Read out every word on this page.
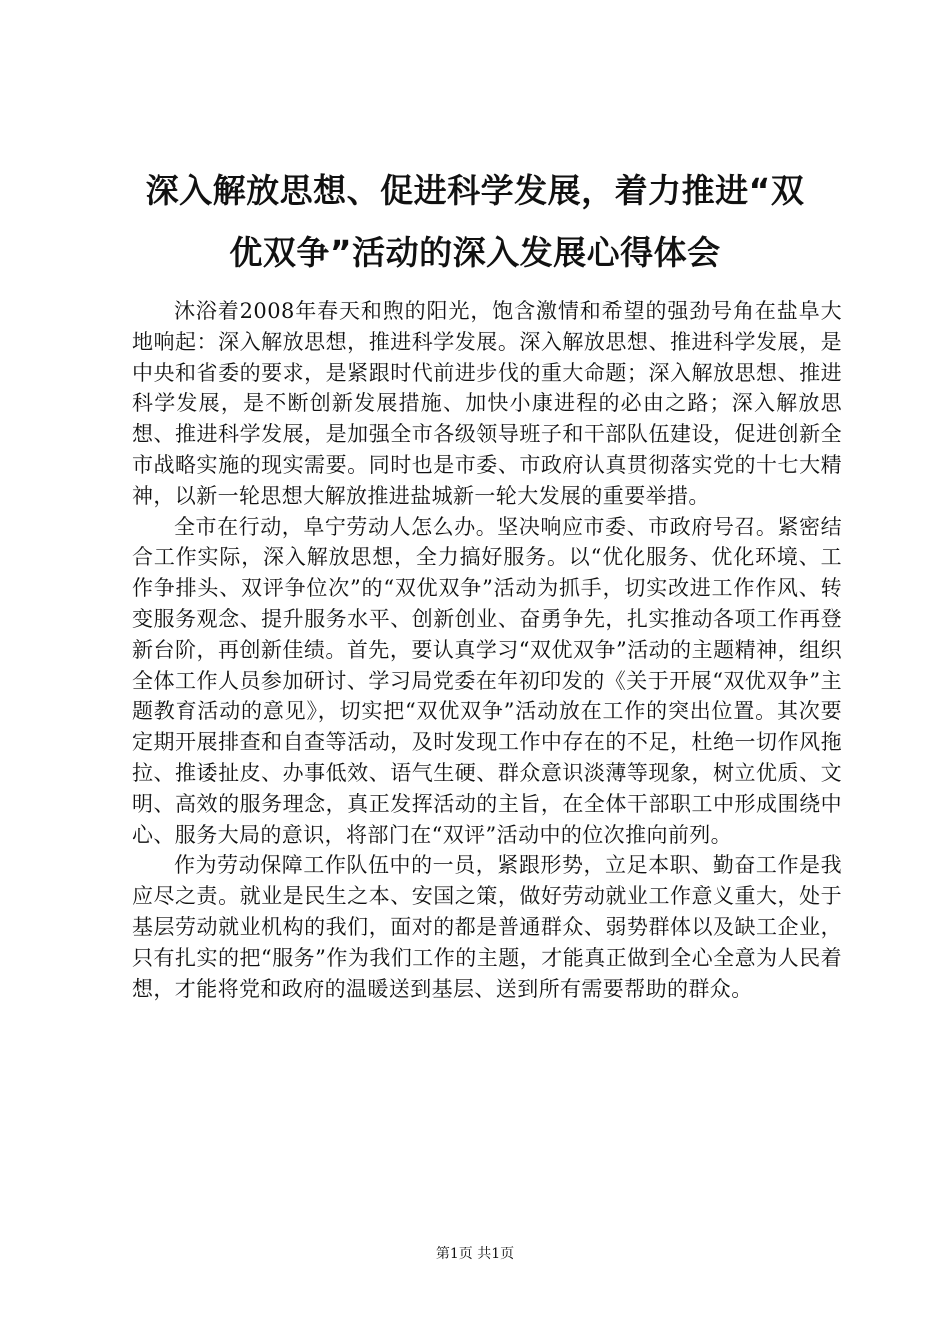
深入解放思想、促进科学发展，着力推进“双
优双争”活动的深入发展心得体会

沐浴着2008年春天和煦的阳光，饱含激情和希望的强劲号角在盐阜大地响起：深入解放思想，推进科学发展。深入解放思想、推进科学发展，是中央和省委的要求，是紧跟时代前进步伐的重大命题；深入解放思想、推进科学发展，是不断创新发展措施、加快小康进程的必由之路；深入解放思想、推进科学发展，是加强全市各级领导班子和干部队伍建设，促进创新全市战略实施的现实需要。同时也是市委、市政府认真贯彻落实党的十七大精神，以新一轮思想大解放推进盐城新一轮大发展的重要举措。

全市在行动，阜宁劳动人怎么办。坚决响应市委、市政府号召。紧密结合工作实际，深入解放思想，全力搞好服务。以“优化服务、优化环境、工作争排头、双评争位次”的“双优双争”活动为抓手，切实改进工作作风、转变服务观念、提升服务水平、创新创业、奋勇争先，扎实推动各项工作再登新台阶，再创新佳绩。首先，要认真学习“双优双争”活动的主题精神，组织全体工作人员参加研讨、学习局党委在年初印发的《关于开展“双优双争”主题教育活动的意见》，切实把“双优双争”活动放在工作的突出位置。其次要定期开展排查和自查等活动，及时发现工作中存在的不足，杜绝一切作风拖拉、推诿扯皮、办事低效、语气生硬、群众意识淡薄等现象，树立优质、文明、高效的服务理念，真正发挥活动的主旨，在全体干部职工中形成围绕中心、服务大局的意识，将部门在“双评”活动中的位次推向前列。

作为劳动保障工作队伍中的一员，紧跟形势，立足本职、勤奋工作是我应尽之责。就业是民生之本、安国之策，做好劳动就业工作意义重大，处于基层劳动就业机构的我们，面对的都是普通群众、弱势群体以及缺工企业，只有扎实的把“服务”作为我们工作的主题，才能真正做到全心全意为人民着想，才能将党和政府的温暖送到基层、送到所有需要帮助的群众。

第1页 共1页
